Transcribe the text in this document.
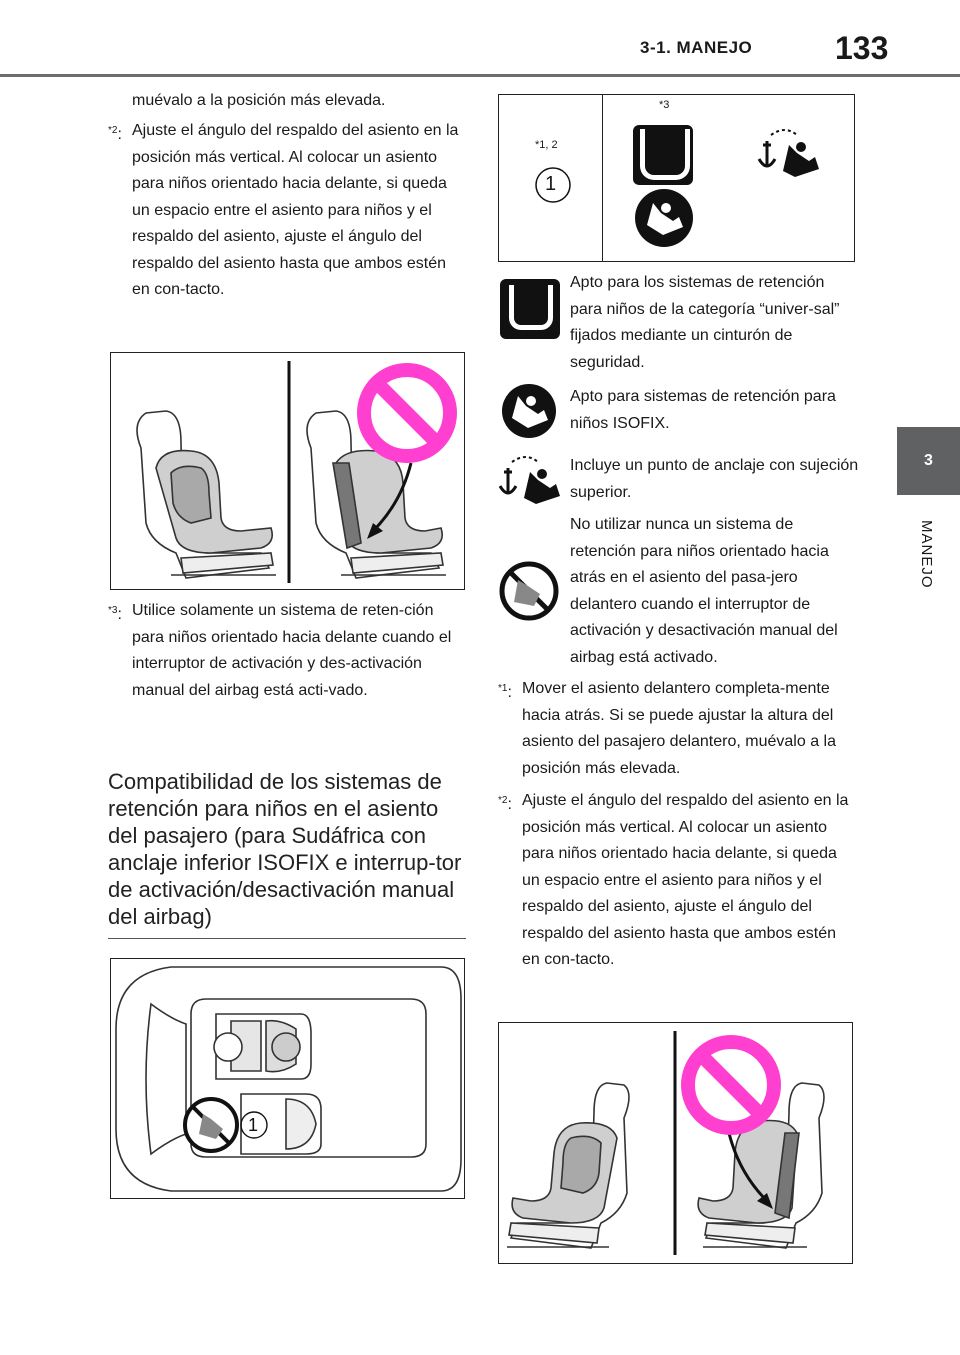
3-1. MANEJO	133
3
MANEJO
muévalo a la posición más elevada.
$^{*2}$: Ajuste el ángulo del respaldo del asiento en la posición más vertical. Al colocar un asiento para niños orientado hacia delante, si queda un espacio entre el asiento para niños y el respaldo del asiento, ajuste el ángulo del respaldo del asiento hasta que ambos estén en con-tacto.
$^{*3}$: Utilice solamente un sistema de reten-ción para niños orientado hacia delante cuando el interruptor de activación y des-activación manual del airbag está acti-vado.
Compatibilidad de los sistemas de retención para niños en el asiento del pasajero (para Sudáfrica con anclaje inferior ISOFIX e interrup-tor de activación/desactivación manual del airbag)
1
*1, 2
1
*3
Apto para los sistemas de retención para niños de la categoría “univer-sal” fijados mediante un cinturón de seguridad.
Apto para sistemas de retención para niños ISOFIX.
Incluye un punto de anclaje con sujeción superior.
No utilizar nunca un sistema de retención para niños orientado hacia atrás en el asiento del pasa-jero delantero cuando el interruptor de activación y desactivación manual del airbag está activado.
$^{*1}$: Mover el asiento delantero completa-mente hacia atrás. Si se puede ajustar la altura del asiento del pasajero delantero, muévalo a la posición más elevada.
$^{*2}$: Ajuste el ángulo del respaldo del asiento en la posición más vertical. Al colocar un asiento para niños orientado hacia delante, si queda un espacio entre el asiento para niños y el respaldo del asiento, ajuste el ángulo del respaldo del asiento hasta que ambos estén en con-tacto.
